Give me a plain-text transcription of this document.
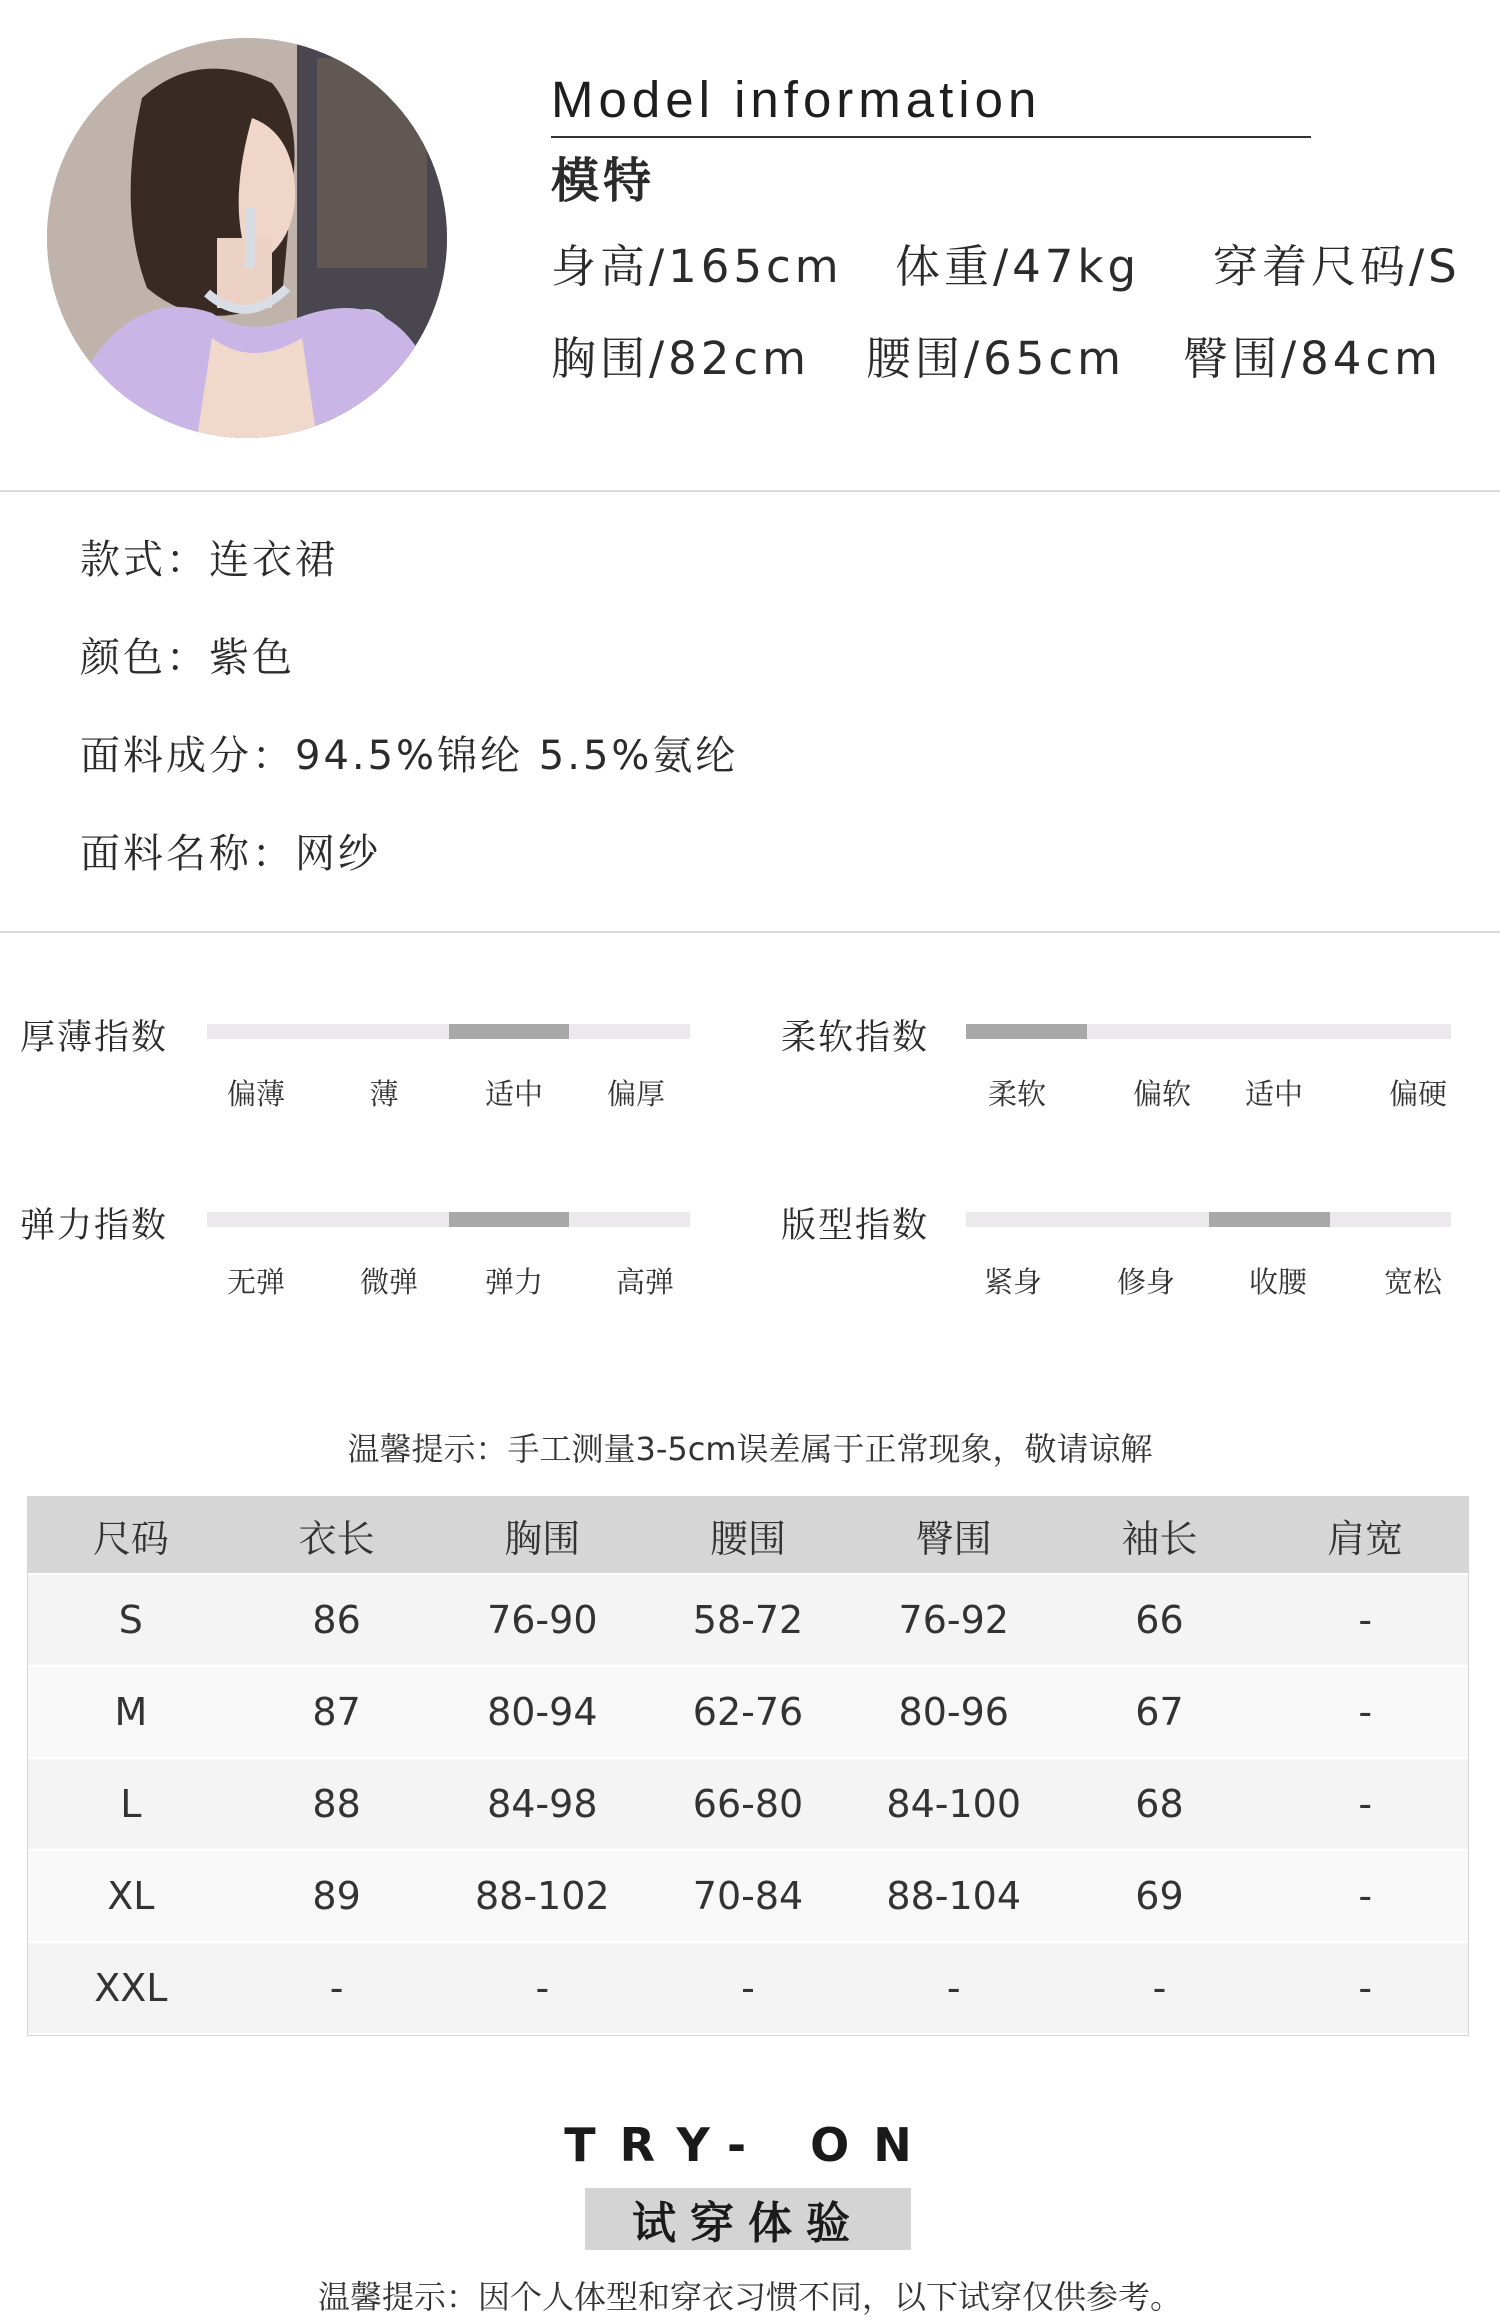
Model information
模特
身高/165cm 体重/47kg 穿着尺码/S
胸围/82cm 腰围/65cm 臀围/84cm
款式：连衣裙
颜色：紫色
面料成分：94.5%锦纶 5.5%氨纶
面料名称：网纱
厚薄指数
偏薄	薄	适中	偏厚
柔软指数
柔软	偏软	适中	偏硬
弹力指数
无弹	微弹	弹力	高弹
版型指数
紧身	修身	收腰	宽松
温馨提示：手工测量3-5cm误差属于正常现象，敬请谅解
尺码	衣长	胸围	腰围	臀围	袖长	肩宽
S	86	76-90	58-72	76-92	66	-
M	87	80-94	62-76	80-96	67	-
L	88	84-98	66-80	84-100	68	-
XL	89	88-102	70-84	88-104	69	-
XXL	-	-	-	-	-	-
TRY- ON
试穿体验
温馨提示：因个人体型和穿衣习惯不同，以下试穿仅供参考。
